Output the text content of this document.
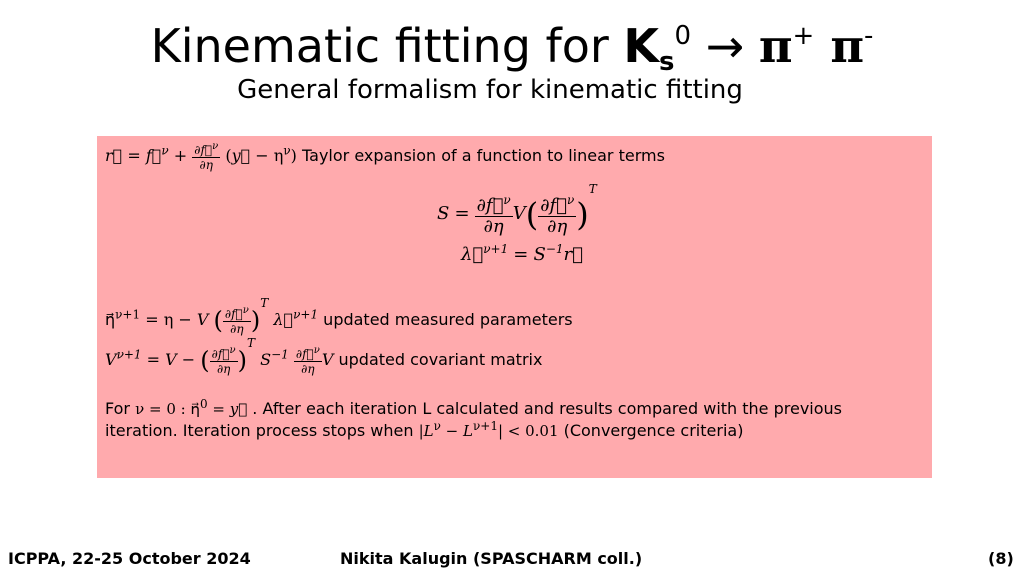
Kinematic fitting for $K_s^0 \to \pi^+$ π-
General formalism for kinematic fitting
r⃗ = f⃗$^\nu$ + $\frac{\partial f⃗^\nu}{\partial\eta}$ (y⃗ − $\eta^\nu$) Taylor expansion of a function to linear terms
$S = \frac{\partial f⃗^\nu}{\partial\eta} V( \frac{\partial f⃗^\nu}{\partial\eta} )^T$
λ⃗$^{\nu+1}$ = $S^{-1}r⃗$
η⃗$^{\nu+1}$ = η − V ( $\frac{\partial f⃗^\nu}{\partial\eta} )^T$ λ⃗$^{\nu+1}$ updated measured parameters
$V^{\nu+1} = V$ − ( $\frac{\partial f⃗^\nu}{\partial\eta} )^T$ $S^{-1} \frac{\partial f⃗^\nu}{\partial\eta}$ V updated covariant matrix
For ν = 0 : η⃗$^0$ = y⃗ . After each iteration L calculated and results compared with the previous
iteration. Iteration process stops when $|L^\nu - L^{\nu+1}| < 0.01$ (Convergence criteria)
ICPPA, 22-25 October 2024	Nikita Kalugin (SPASCHARM coll.)	(8)
